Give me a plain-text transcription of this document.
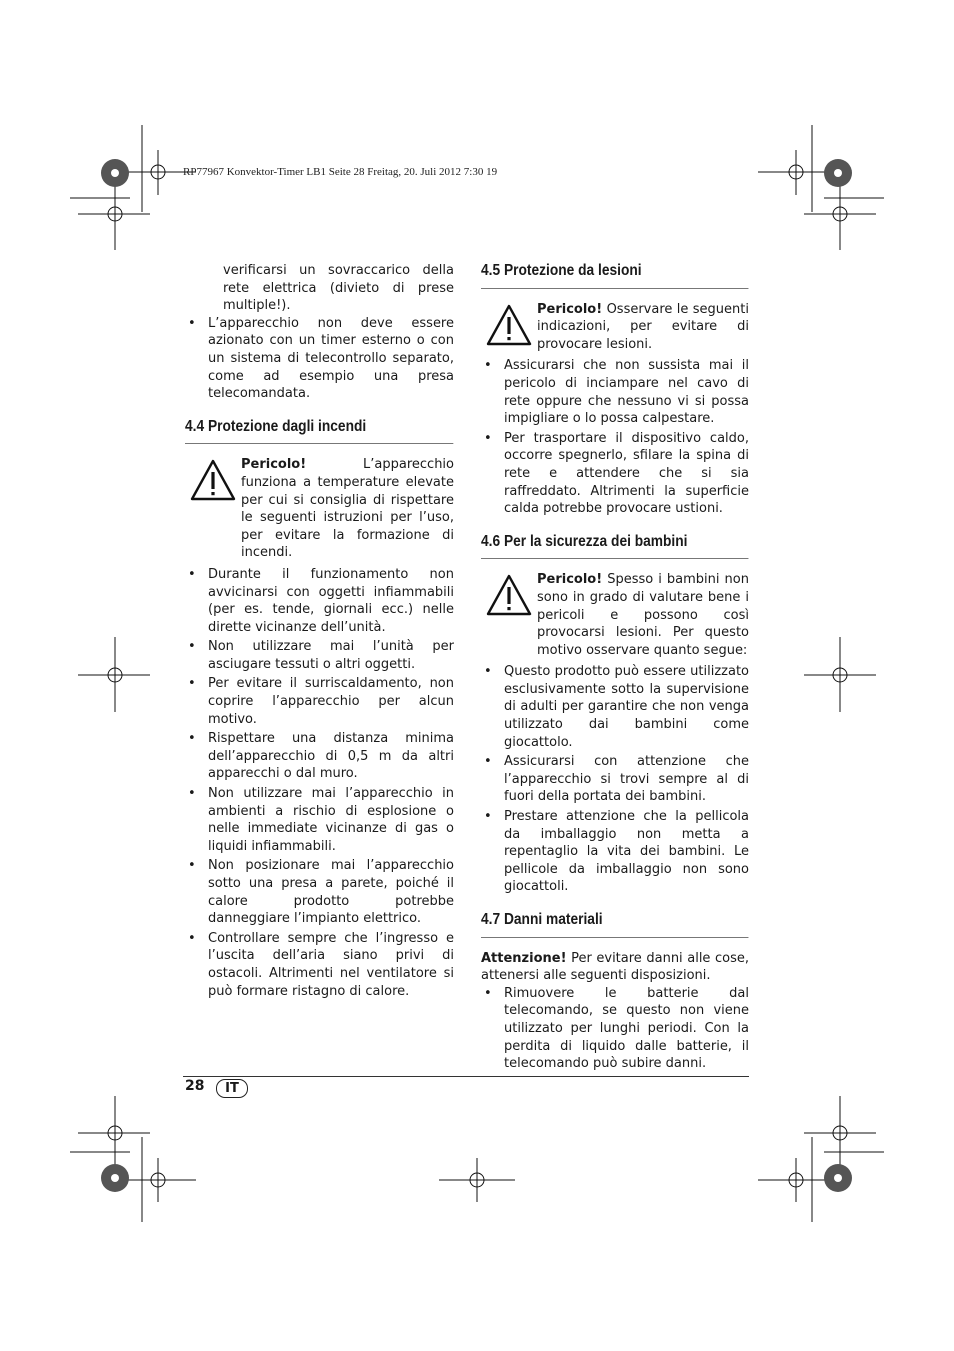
RP77967 Konvektor-Timer LB1 Seite 28 Freitag, 20. Juli 2012 7:30 19

verificarsi un sovraccarico della rete elettrica (divieto di prese multiple!).

• L’apparecchio non deve essere azionato con un timer esterno o con un sistema di telecontrollo separato, come ad esempio una presa telecomandata.
4.4 Protezione dagli incendi
Pericolo!	L’apparecchio funziona a temperature elevate per cui si consiglia di rispettare le seguenti istruzioni per l’uso, per evitare la formazione di incendi.
• Durante il funzionamento non avvicinarsi con oggetti infiammabili (per es. tende, giornali ecc.) nelle dirette vicinanze dell’unità.
• Non utilizzare mai l’unità per asciugare tessuti o altri oggetti.
• Per evitare il surriscaldamento, non coprire l’apparecchio per alcun motivo.
• Rispettare una distanza minima dell’apparecchio di 0,5 m da altri apparecchi o dal muro.
• Non utilizzare mai l’apparecchio in ambienti a rischio di esplosione o nelle immediate vicinanze di gas o liquidi infiammabili.
• Non posizionare mai l’apparecchio sotto una presa a parete, poiché il calore prodotto potrebbe danneggiare l’impianto elettrico.
• Controllare sempre che l’ingresso e l’uscita dell’aria siano privi di ostacoli. Altrimenti nel ventilatore si può formare ristagno di calore.
4.5 Protezione da lesioni
Pericolo! Osservare le seguenti indicazioni, per evitare di provocare lesioni.
• Assicurarsi che non sussista mai il pericolo di inciampare nel cavo di rete oppure che nessuno vi si possa impigliare o lo possa calpestare.
• Per trasportare il dispositivo caldo, occorre spegnerlo, sfilare la spina di rete e attendere che si sia raffreddato. Altrimenti la superficie calda potrebbe provocare ustioni.
4.6 Per la sicurezza dei bambini
Pericolo! Spesso i bambini non sono in grado di valutare bene i pericoli e possono così provocarsi lesioni. Per questo motivo osservare quanto segue:
• Questo prodotto può essere utilizzato esclusivamente sotto la supervisione di adulti per garantire che non venga utilizzato dai bambini come giocattolo.
• Assicurarsi con attenzione che l’apparecchio si trovi sempre al di fuori della portata dei bambini.
• Prestare attenzione che la pellicola da imballaggio non metta a repentaglio la vita dei bambini. Le pellicole da imballaggio non sono giocattoli.
4.7 Danni materiali

Attenzione! Per evitare danni alle cose, attenersi alle seguenti disposizioni.

• Rimuovere le batterie dal telecomando, se questo non viene utilizzato per lunghi periodi. Con la perdita di liquido dalle batterie, il telecomando può subire danni.
28	IT
